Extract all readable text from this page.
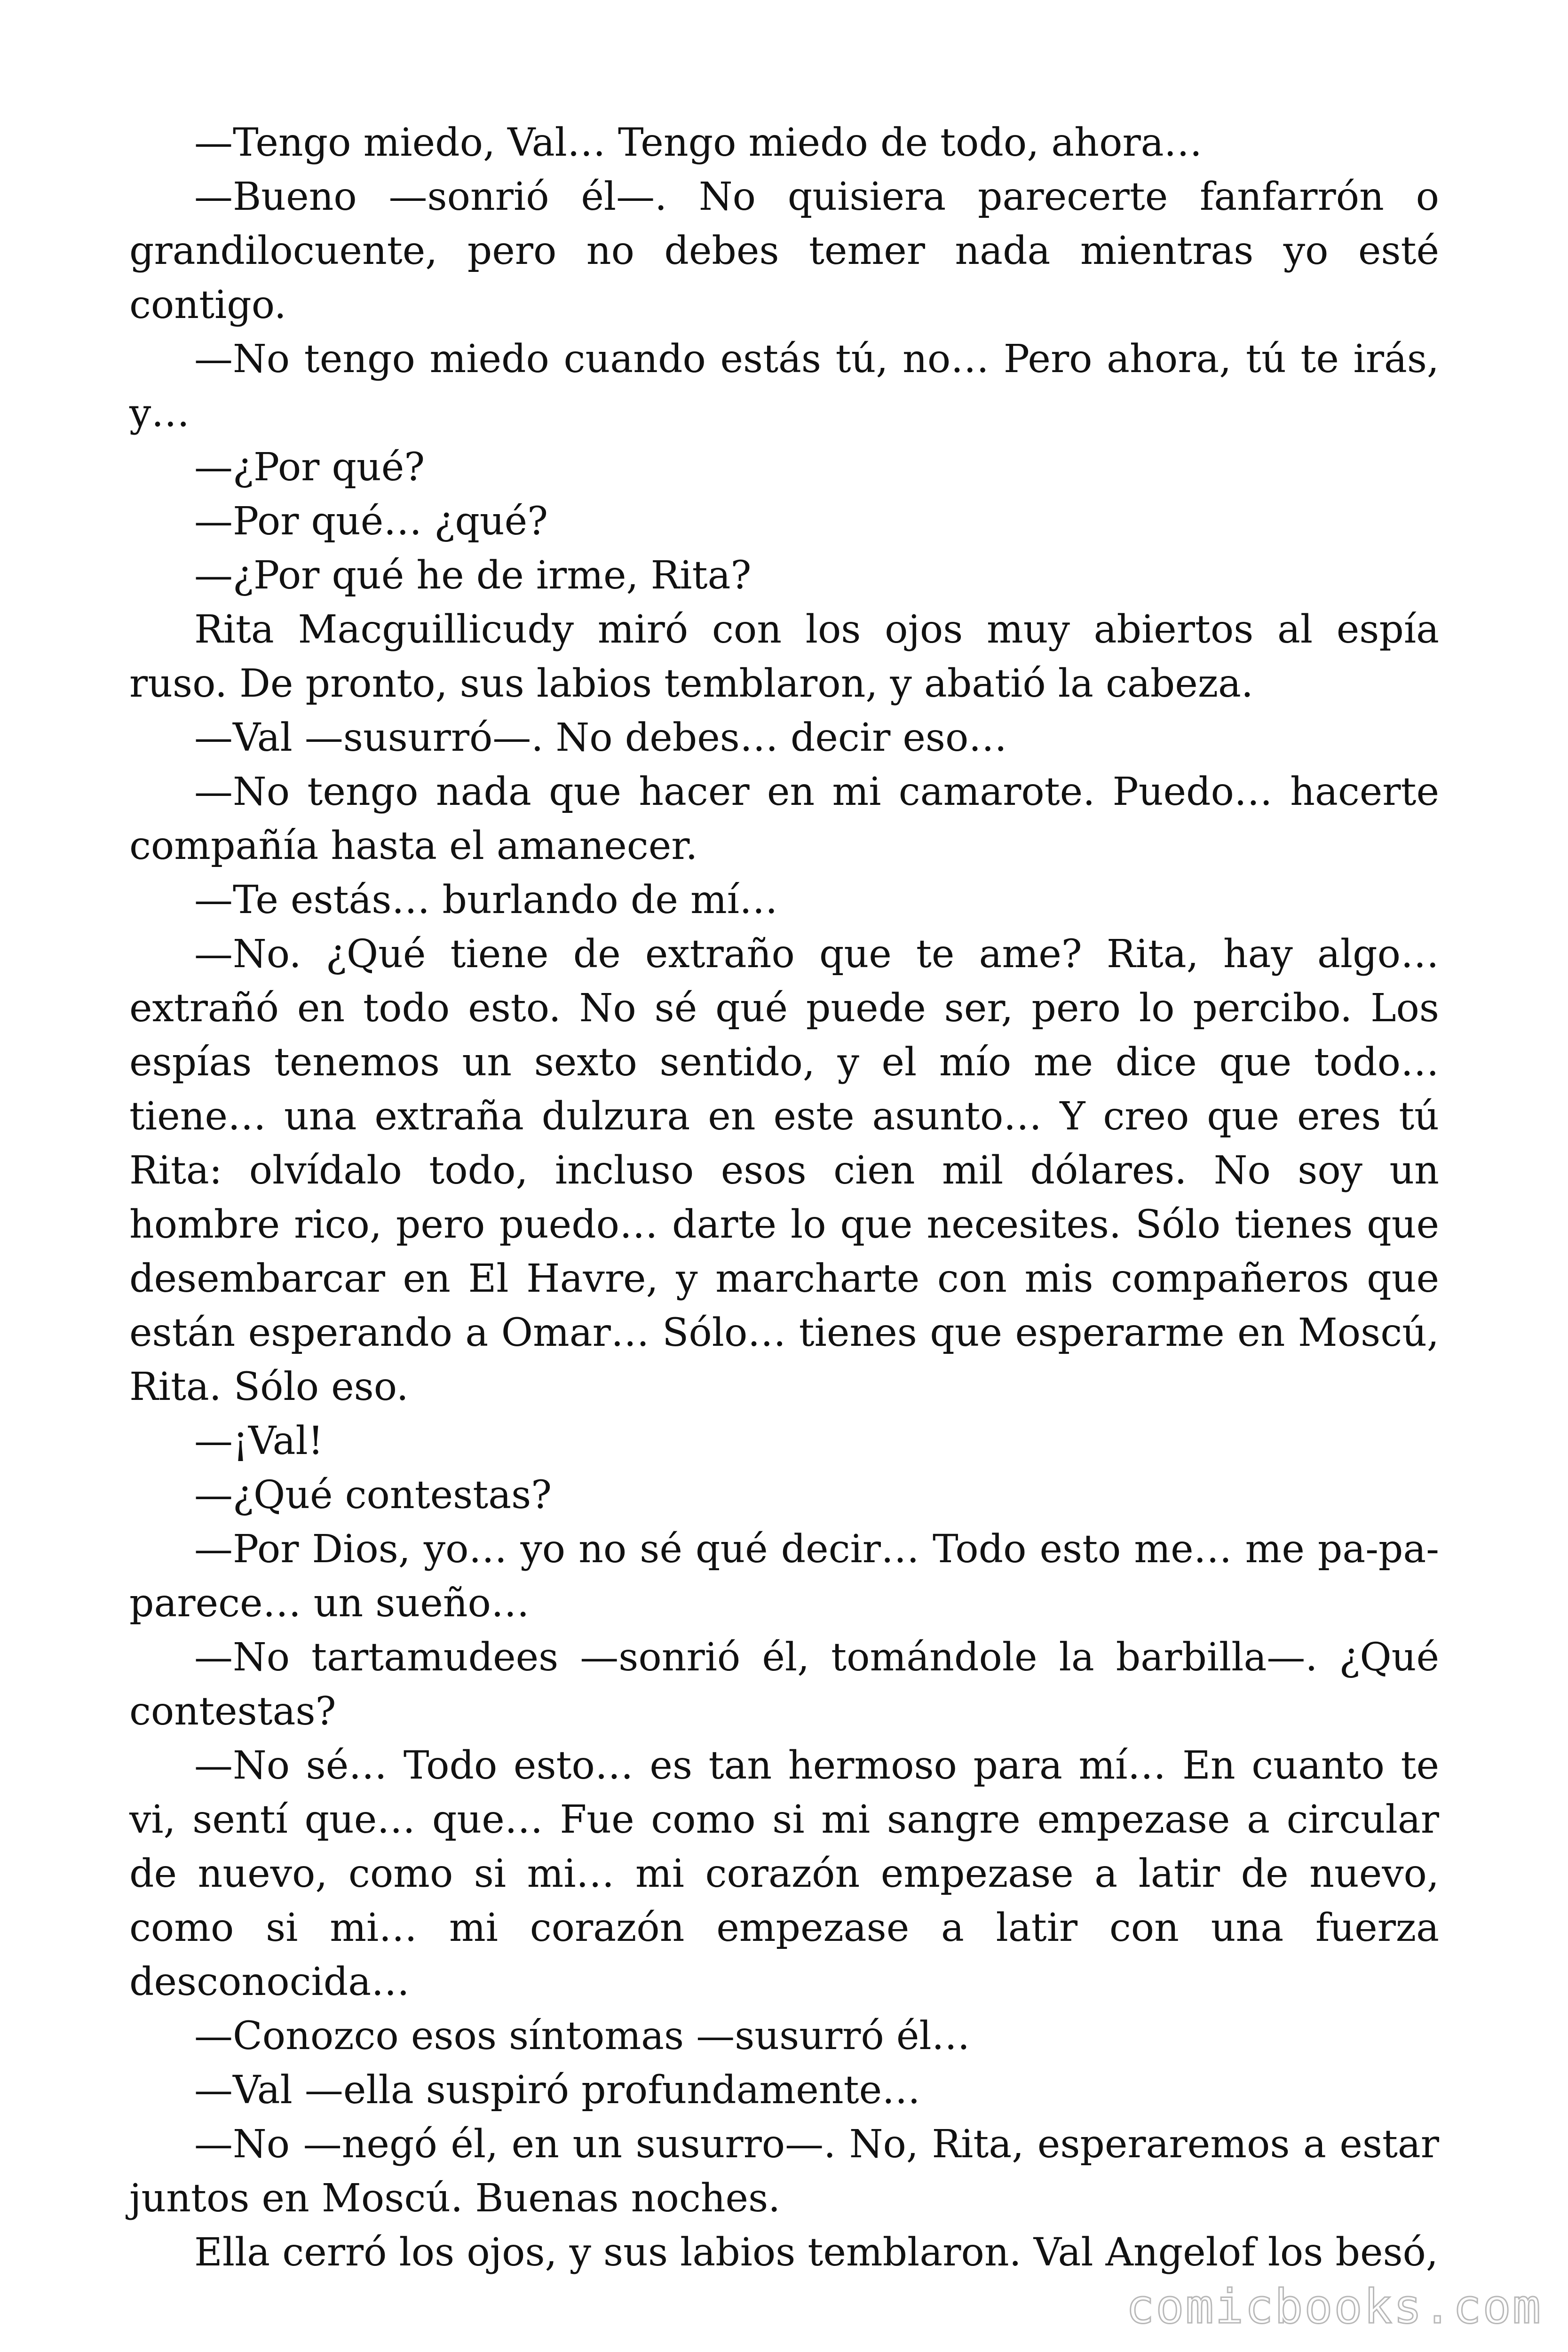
—Tengo miedo, Val… Tengo miedo de todo, ahora…

—Bueno —sonrió él—. No quisiera parecerte fanfarrón o grandilocuente, pero no debes temer nada mientras yo esté contigo.

—No tengo miedo cuando estás tú, no… Pero ahora, tú te irás, y…

—¿Por qué?

—Por qué… ¿qué?

—¿Por qué he de irme, Rita?

Rita Macguillicudy miró con los ojos muy abiertos al espía ruso. De pronto, sus labios temblaron, y abatió la cabeza.

—Val —susurró—. No debes… decir eso…

—No tengo nada que hacer en mi camarote. Puedo… hacerte compañía hasta el amanecer.

—Te estás… burlando de mí…

—No. ¿Qué tiene de extraño que te ame? Rita, hay algo… extrañó en todo esto. No sé qué puede ser, pero lo percibo. Los espías tenemos un sexto sentido, y el mío me dice que todo… tiene… una extraña dulzura en este asunto… Y creo que eres tú Rita: olvídalo todo, incluso esos cien mil dólares. No soy un hombre rico, pero puedo… darte lo que necesites. Sólo tienes que desembarcar en El Havre, y marcharte con mis compañeros que están esperando a Omar… Sólo… tienes que esperarme en Moscú, Rita. Sólo eso.

—¡Val!

—¿Qué contestas?

—Por Dios, yo… yo no sé qué decir… Todo esto me… me pa-pa-parece… un sueño…

—No tartamudees —sonrió él, tomándole la barbilla—. ¿Qué contestas?

—No sé… Todo esto… es tan hermoso para mí… En cuanto te vi, sentí que… que… Fue como si mi sangre empezase a circular de nuevo, como si mi… mi corazón empezase a latir de nuevo, como si mi… mi corazón empezase a latir con una fuerza desconocida…

—Conozco esos síntomas —susurró él…

—Val —ella suspiró profundamente…

—No —negó él, en un susurro—. No, Rita, esperaremos a estar juntos en Moscú. Buenas noches.

Ella cerró los ojos, y sus labios temblaron. Val Angelof los besó,

comicbooks.com
